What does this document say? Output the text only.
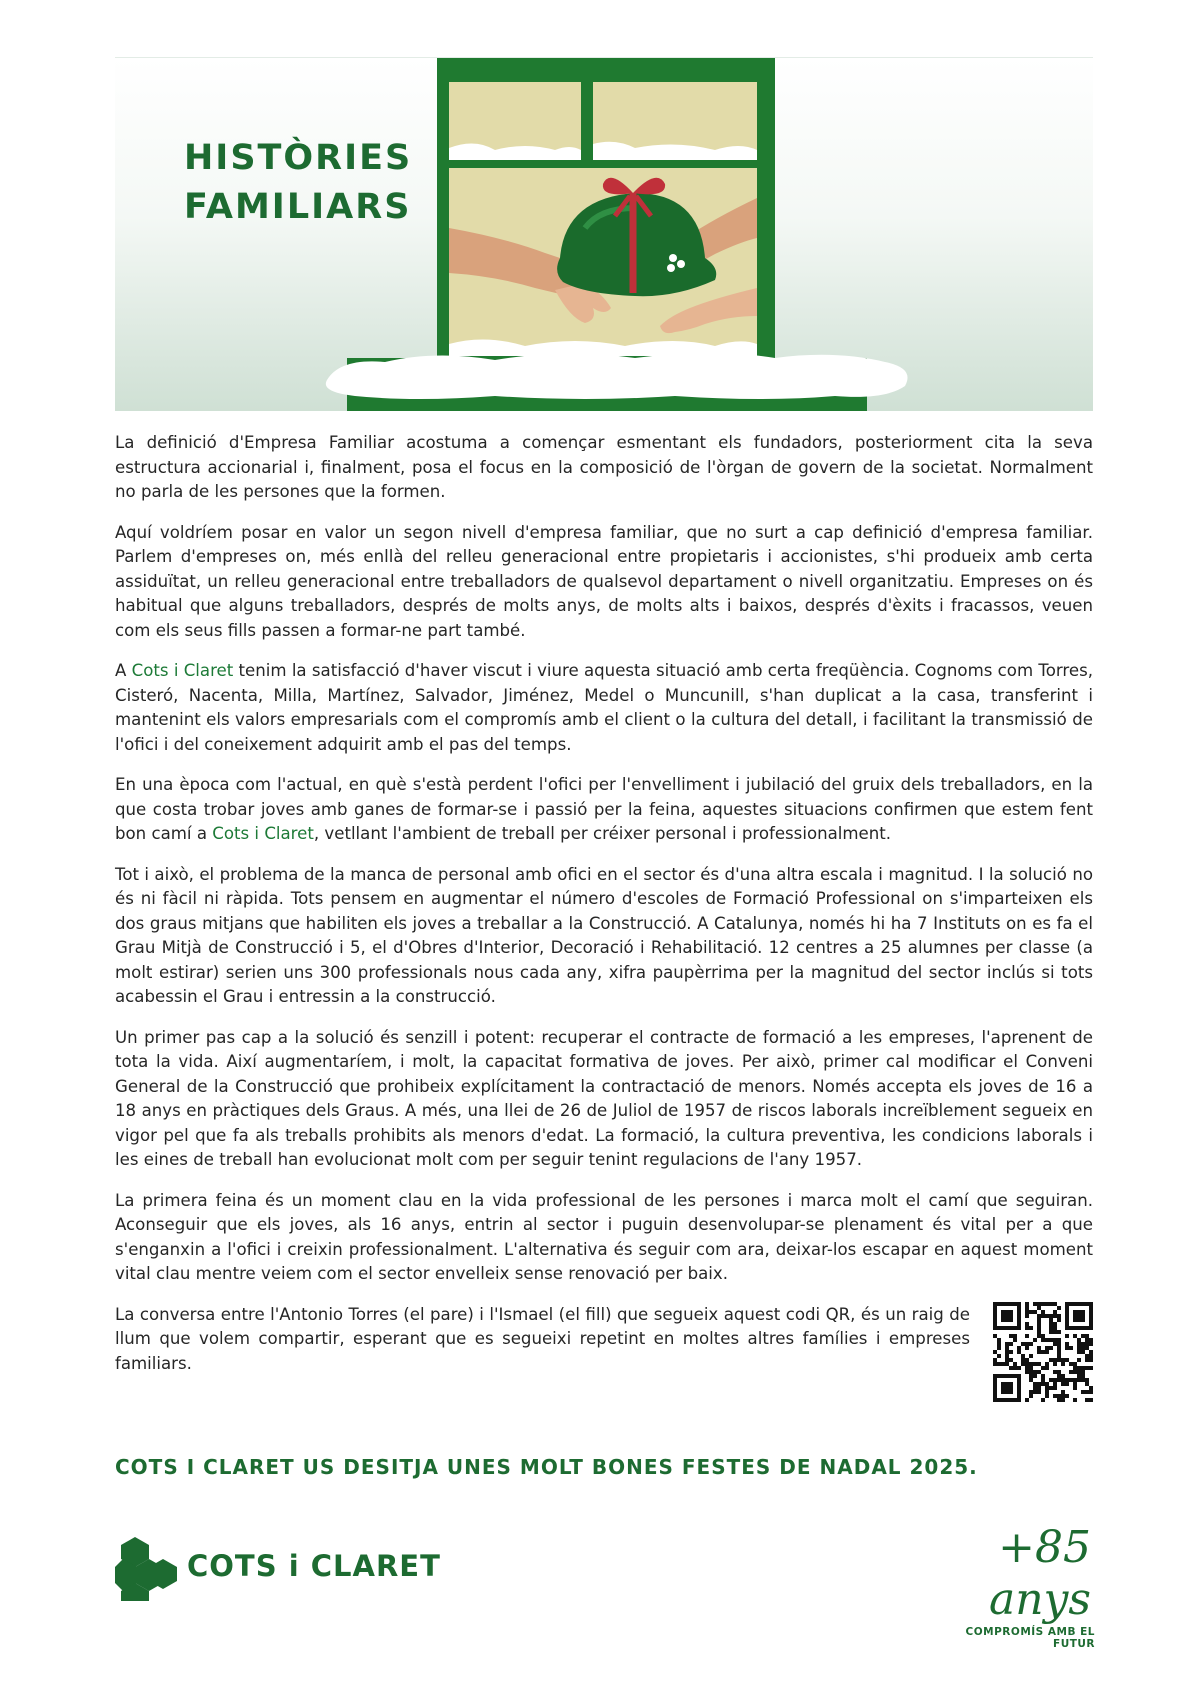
HISTÒRIES
FAMILIARS

La definició d'Empresa Familiar acostuma a començar esmentant els fundadors, posteriorment cita la seva estructura accionarial i, finalment, posa el focus en la composició de l'òrgan de govern de la societat. Normalment no parla de les persones que la formen.

Aquí voldríem posar en valor un segon nivell d'empresa familiar, que no surt a cap definició d'empresa familiar. Parlem d'empreses on, més enllà del relleu generacional entre propietaris i accionistes, s'hi produeix amb certa assiduïtat, un relleu generacional entre treballadors de qualsevol departament o nivell organitzatiu. Empreses on és habitual que alguns treballadors, després de molts anys, de molts alts i baixos, després d'èxits i fracassos, veuen com els seus fills passen a formar-ne part també.

A Cots i Claret tenim la satisfacció d'haver viscut i viure aquesta situació amb certa freqüència. Cognoms com Torres, Cisteró, Nacenta, Milla, Martínez, Salvador, Jiménez, Medel o Muncunill, s'han duplicat a la casa, transferint i mantenint els valors empresarials com el compromís amb el client o la cultura del detall, i facilitant la transmissió de l'ofici i del coneixement adquirit amb el pas del temps.

En una època com l'actual, en què s'està perdent l'ofici per l'envelliment i jubilació del gruix dels treballadors, en la que costa trobar joves amb ganes de formar-se i passió per la feina, aquestes situacions confirmen que estem fent bon camí a Cots i Claret, vetllant l'ambient de treball per créixer personal i professionalment.

Tot i això, el problema de la manca de personal amb ofici en el sector és d'una altra escala i magnitud. I la solució no és ni fàcil ni ràpida. Tots pensem en augmentar el número d'escoles de Formació Professional on s'imparteixen els dos graus mitjans que habiliten els joves a treballar a la Construcció. A Catalunya, només hi ha 7 Instituts on es fa el Grau Mitjà de Construcció i 5, el d'Obres d'Interior, Decoració i Rehabilitació. 12 centres a 25 alumnes per classe (a molt estirar) serien uns 300 professionals nous cada any, xifra paupèrrima per la magnitud del sector inclús si tots acabessin el Grau i entressin a la construcció.

Un primer pas cap a la solució és senzill i potent: recuperar el contracte de formació a les empreses, l'aprenent de tota la vida. Així augmentaríem, i molt, la capacitat formativa de joves. Per això, primer cal modificar el Conveni General de la Construcció que prohibeix explícitament la contractació de menors. Només accepta els joves de 16 a 18 anys en pràctiques dels Graus. A més, una llei de 26 de Juliol de 1957 de riscos laborals increïblement segueix en vigor pel que fa als treballs prohibits als menors d'edat. La formació, la cultura preventiva, les condicions laborals i les eines de treball han evolucionat molt com per seguir tenint regulacions de l'any 1957.

La primera feina és un moment clau en la vida professional de les persones i marca molt el camí que seguiran. Aconseguir que els joves, als 16 anys, entrin al sector i puguin desenvolupar-se plenament és vital per a que s'enganxin a l'ofici i creixin professionalment. L'alternativa és seguir com ara, deixar-los escapar en aquest moment vital clau mentre veiem com el sector envelleix sense renovació per baix.

La conversa entre l'Antonio Torres (el pare) i l'Ismael (el fill) que segueix aquest codi QR, és un raig de llum que volem compartir, esperant que es segueixi repetint en moltes altres famílies i empreses familiars.

COTS I CLARET US DESITJA UNES MOLT BONES FESTES DE NADAL 2025.
COTS i CLARET	+85 anys
COMPROMÍS AMB EL FUTUR
